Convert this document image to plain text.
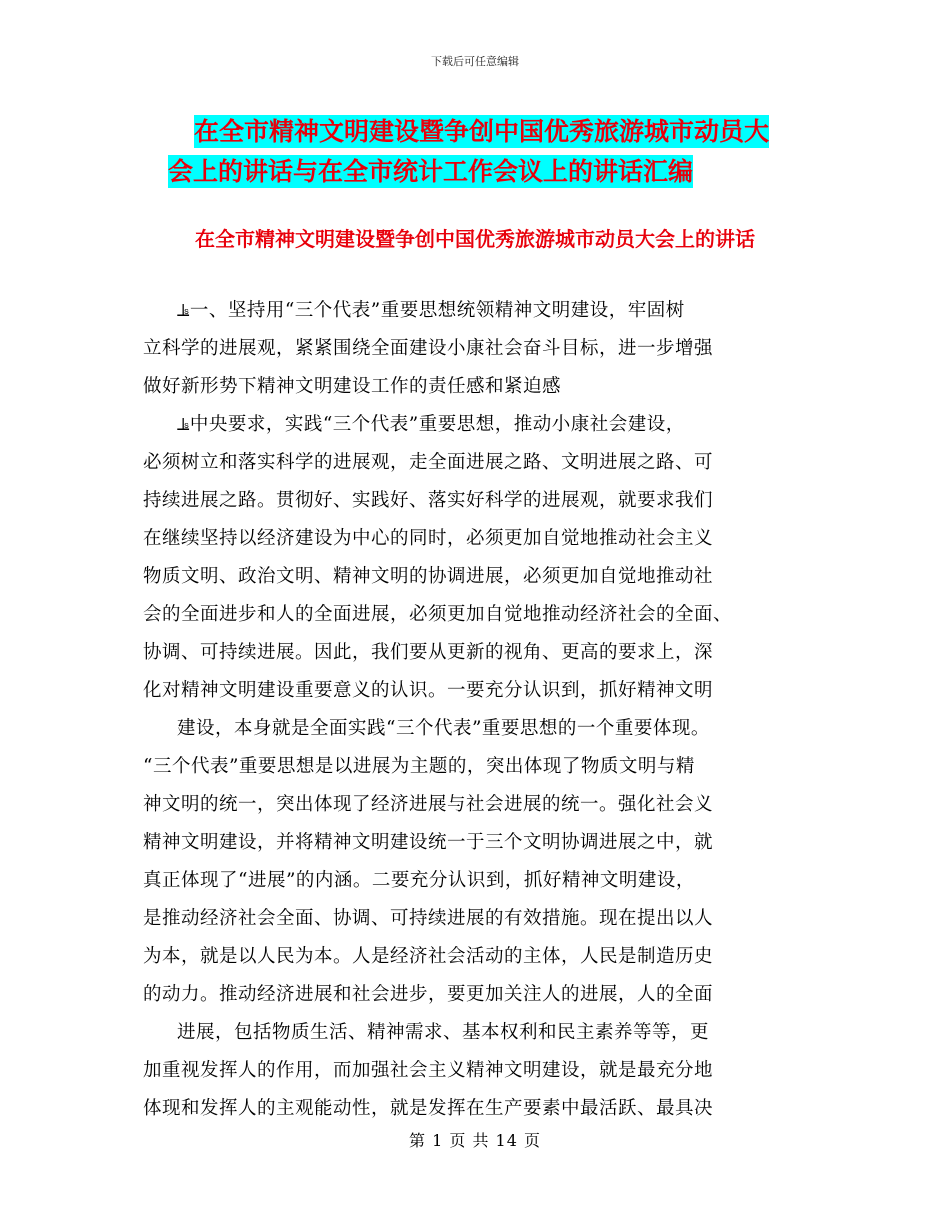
下载后可任意编辑
在全市精神文明建设暨争创中国优秀旅游城市动员大
会上的讲话与在全市统计工作会议上的讲话汇编
在全市精神文明建设暨争创中国优秀旅游城市动员大会上的讲话
⫡一、坚持用“三个代表”重要思想统领精神文明建设，牢固树
立科学的进展观，紧紧围绕全面建设小康社会奋斗目标，进一步增强
做好新形势下精神文明建设工作的责任感和紧迫感
⫡中央要求，实践“三个代表”重要思想，推动小康社会建设，
必须树立和落实科学的进展观，走全面进展之路、文明进展之路、可
持续进展之路。贯彻好、实践好、落实好科学的进展观，就要求我们
在继续坚持以经济建设为中心的同时，必须更加自觉地推动社会主义
物质文明、政治文明、精神文明的协调进展，必须更加自觉地推动社
会的全面进步和人的全面进展，必须更加自觉地推动经济社会的全面、
协调、可持续进展。因此，我们要从更新的视角、更高的要求上，深
化对精神文明建设重要意义的认识。一要充分认识到，抓好精神文明
建设，本身就是全面实践“三个代表”重要思想的一个重要体现。
“三个代表”重要思想是以进展为主题的，突出体现了物质文明与精
神文明的统一，突出体现了经济进展与社会进展的统一。强化社会义
精神文明建设，并将精神文明建设统一于三个文明协调进展之中，就
真正体现了“进展”的内涵。二要充分认识到，抓好精神文明建设，
是推动经济社会全面、协调、可持续进展的有效措施。现在提出以人
为本，就是以人民为本。人是经济社会活动的主体，人民是制造历史
的动力。推动经济进展和社会进步，要更加关注人的进展，人的全面
进展，包括物质生活、精神需求、基本权利和民主素养等等，更
加重视发挥人的作用，而加强社会主义精神文明建设，就是最充分地
体现和发挥人的主观能动性，就是发挥在生产要素中最活跃、最具决
第 1 页 共 14 页
